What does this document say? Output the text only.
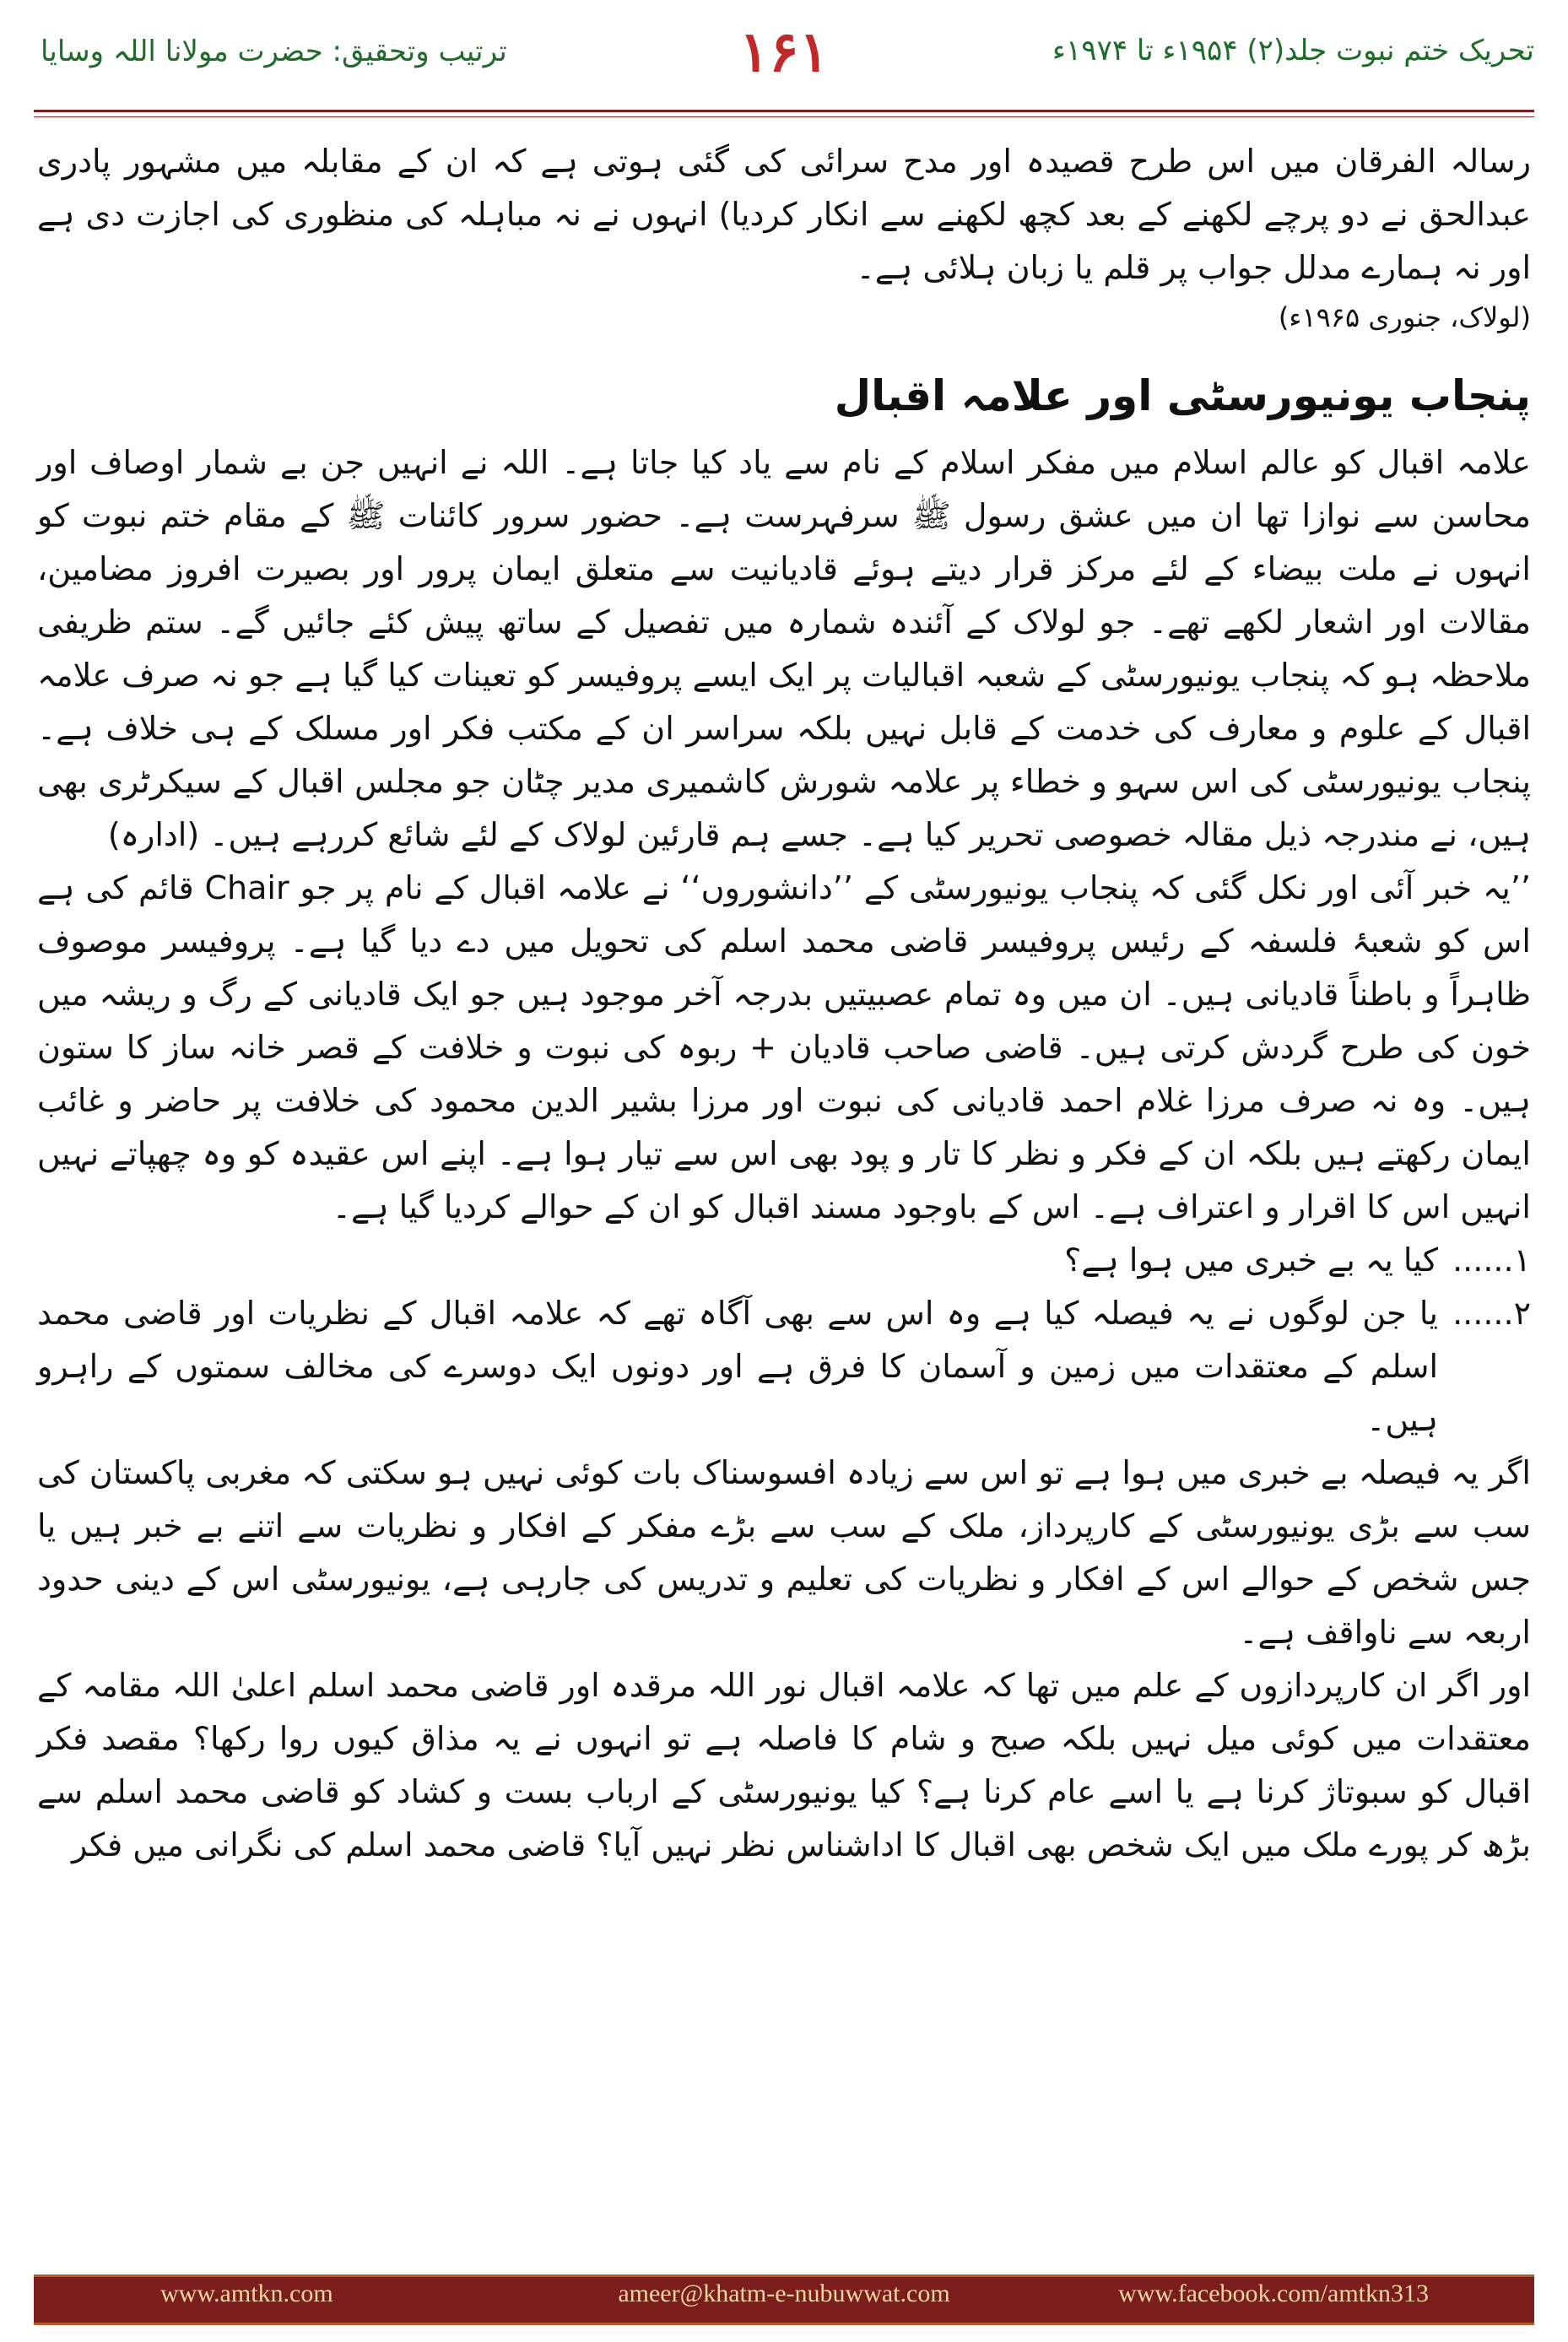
ترتیب وتحقیق: حضرت مولانا اللہ وسایا	۱۶۱	تحریک ختم نبوت جلد(۲) ۱۹۵۴ء تا ۱۹۷۴ء

رسالہ الفرقان میں اس طرح قصیدہ اور مدح سرائی کی گئی ہوتی ہے کہ ان کے مقابلہ میں مشہور پادری عبدالحق نے دو پرچے لکھنے کے بعد کچھ لکھنے سے انکار کردیا) انہوں نے نہ مباہلہ کی منظوری کی اجازت دی ہے اور نہ ہمارے مدلل جواب پر قلم یا زبان ہلائی ہے۔

(لولاک، جنوری ۱۹۶۵ء)

پنجاب یونیورسٹی اور علامہ اقبال

علامہ اقبال کو عالم اسلام میں مفکر اسلام کے نام سے یاد کیا جاتا ہے۔ اللہ نے انہیں جن بے شمار اوصاف اور محاسن سے نوازا تھا ان میں عشق رسول ﷺ سرفہرست ہے۔ حضور سرور کائنات ﷺ کے مقام ختم نبوت کو انہوں نے ملت بیضاء کے لئے مرکز قرار دیتے ہوئے قادیانیت سے متعلق ایمان پرور اور بصیرت افروز مضامین، مقالات اور اشعار لکھے تھے۔ جو لولاک کے آئندہ شمارہ میں تفصیل کے ساتھ پیش کئے جائیں گے۔ ستم ظریفی ملاحظہ ہو کہ پنجاب یونیورسٹی کے شعبہ اقبالیات پر ایک ایسے پروفیسر کو تعینات کیا گیا ہے جو نہ صرف علامہ اقبال کے علوم و معارف کی خدمت کے قابل نہیں بلکہ سراسر ان کے مکتب فکر اور مسلک کے ہی خلاف ہے۔ پنجاب یونیورسٹی کی اس سہو و خطاء پر علامہ شورش کاشمیری مدیر چٹان جو مجلس اقبال کے سیکرٹری بھی ہیں، نے مندرجہ ذیل مقالہ خصوصی تحریر کیا ہے۔ جسے ہم قارئین لولاک کے لئے شائع کررہے ہیں۔ (ادارہ)

’’یہ خبر آئی اور نکل گئی کہ پنجاب یونیورسٹی کے ’’دانشوروں‘‘ نے علامہ اقبال کے نام پر جو Chair قائم کی ہے اس کو شعبۂ فلسفہ کے رئیس پروفیسر قاضی محمد اسلم کی تحویل میں دے دیا گیا ہے۔ پروفیسر موصوف ظاہراً و باطناً قادیانی ہیں۔ ان میں وہ تمام عصبیتیں بدرجہ آخر موجود ہیں جو ایک قادیانی کے رگ و ریشہ میں خون کی طرح گردش کرتی ہیں۔ قاضی صاحب قادیان + ربوہ کی نبوت و خلافت کے قصر خانہ ساز کا ستون ہیں۔ وہ نہ صرف مرزا غلام احمد قادیانی کی نبوت اور مرزا بشیر الدین محمود کی خلافت پر حاضر و غائب ایمان رکھتے ہیں بلکہ ان کے فکر و نظر کا تار و پود بھی اس سے تیار ہوا ہے۔ اپنے اس عقیدہ کو وہ چھپاتے نہیں انہیں اس کا اقرار و اعتراف ہے۔ اس کے باوجود مسند اقبال کو ان کے حوالے کردیا گیا ہے۔

۱......
کیا یہ بے خبری میں ہوا ہے؟
۲......
یا جن لوگوں نے یہ فیصلہ کیا ہے وہ اس سے بھی آگاہ تھے کہ علامہ اقبال کے نظریات اور قاضی محمد اسلم کے معتقدات میں زمین و آسمان کا فرق ہے اور دونوں ایک دوسرے کی مخالف سمتوں کے راہرو ہیں۔

اگر یہ فیصلہ بے خبری میں ہوا ہے تو اس سے زیادہ افسوسناک بات کوئی نہیں ہو سکتی کہ مغربی پاکستان کی سب سے بڑی یونیورسٹی کے کارپرداز، ملک کے سب سے بڑے مفکر کے افکار و نظریات سے اتنے بے خبر ہیں یا جس شخص کے حوالے اس کے افکار و نظریات کی تعلیم و تدریس کی جارہی ہے، یونیورسٹی اس کے دینی حدود اربعہ سے ناواقف ہے۔

اور اگر ان کارپردازوں کے علم میں تھا کہ علامہ اقبال نور اللہ مرقدہ اور قاضی محمد اسلم اعلیٰ اللہ مقامہ کے معتقدات میں کوئی میل نہیں بلکہ صبح و شام کا فاصلہ ہے تو انہوں نے یہ مذاق کیوں روا رکھا؟ مقصد فکر اقبال کو سبوتاژ کرنا ہے یا اسے عام کرنا ہے؟ کیا یونیورسٹی کے ارباب بست و کشاد کو قاضی محمد اسلم سے بڑھ کر پورے ملک میں ایک شخص بھی اقبال کا اداشناس نظر نہیں آیا؟ قاضی محمد اسلم کی نگرانی میں فکر

www.amtkn.com	ameer@khatm-e-nubuwwat.com	www.facebook.com/amtkn313
